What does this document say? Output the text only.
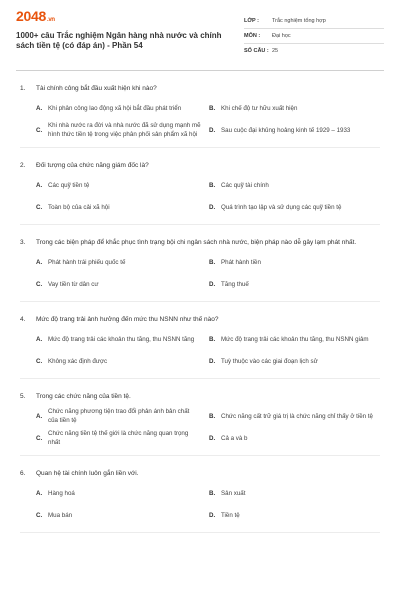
2048.vn
1000+ câu Trắc nghiệm Ngân hàng nhà nước và chính sách tiền tệ (có đáp án) - Phần 54
LỚP :	Trắc nghiệm tổng hợp
MÔN :	Đại học
SỐ CÂU : 25
1.	Tài chính công bắt đầu xuất hiện khi nào?
A. Khi phân công lao động xã hội bắt đầu phát triển	B. Khi chế độ tư hữu xuất hiện
C.
Khi nhà nước ra đời và nhà nước đã sử dụng mạnh mẽ hình thức tiền tệ trong việc phân phối sản phẩm xã hội
D. Sau cuộc đại khủng hoảng kinh tế 1929 – 1933
2.	Đối tượng của chức năng giám đốc là?
A. Các quỹ tiền tệ	B. Các quỹ tài chính
C. Toàn bộ của cải xã hội	D. Quá trình tạo lập và sử dụng các quỹ tiền tệ
3.	Trong các biện pháp để khắc phục tình trạng bội chi ngân sách nhà nước, biện pháp nào dễ gây lạm phát nhất.
A. Phát hành trái phiếu quốc tế	B. Phát hành tiền
C. Vay tiền từ dân cư	D. Tăng thuế
4.	Mức độ trang trải ảnh hưởng đến mức thu NSNN như thế nào?
A. Mức độ trang trải các khoản thu tăng, thu NSNN tăng	B. Mức độ trang trải các khoản thu tăng, thu NSNN giảm
C. Không xác định được	D. Tuỳ thuộc vào các giai đoạn lịch sử
5.	Trong các chức năng của tiền tệ.
A.
Chức năng phương tiện trao đổi phản ánh bản chất của tiền tệ
B. Chức năng cất trữ giá trị là chức năng chỉ thấy ở tiền tệ
C.
Chức năng tiền tệ thế giới là chức năng quan trọng nhất
D. Cả a và b
6.	Quan hệ tài chính luôn gắn liền với.
A. Hàng hoá	B. Sản xuất
C. Mua bán	D. Tiền tệ
